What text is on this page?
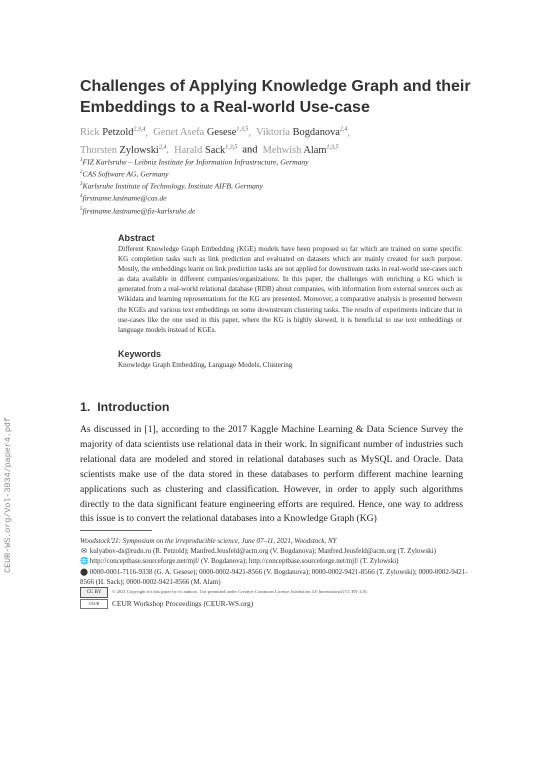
CEUR-WS.org/Vol-3034/paper4.pdf
Challenges of Applying Knowledge Graph and their Embeddings to a Real-world Use-case
Rick Petzold$^{2,3,4}$,  Genet Asefa Gesese$^{1,3,5}$,  Viktoria Bogdanova$^{2,4}$,
Thorsten Zylowski$^{2,4}$,  Harald Sack$^{1,3,5}$ and Mehwish Alam$^{1,3,5}$
$^1$FIZ Karlsruhe – Leibniz Institute for Information Infrastructure, Germany
$^2$CAS Software AG, Germany
$^3$Karlsruhe Institute of Technology, Institute AIFB, Germany
$^4$firstname.lastname@cas.de
$^5$firstname.lastname@fiz-karlsruhe.de
Abstract

Different Knowledge Graph Embedding (KGE) models have been proposed so far which are trained on some specific KG completion tasks such as link prediction and evaluated on datasets which are mainly created for such purpose. Mostly, the embeddings learnt on link prediction tasks are not applied for downstream tasks in real-world use-cases such as data available in different companies/organizations. In this paper, the challenges with enriching a KG which is generated from a real-world relational database (RDB) about companies, with information from external sources such as Wikidata and learning representations for the KG are presented. Moreover, a comparative analysis is presented between the KGEs and various text embeddings on some downstream clustering tasks. The results of experiments indicate that in use-cases like the one used in this paper, where the KG is highly skewed, it is beneficial to use text embeddings or language models instead of KGEs.

Keywords

Knowledge Graph Embedding, Language Models, Clustering

1. Introduction
As discussed in [1], according to the 2017 Kaggle Machine Learning & Data Science Survey the majority of data scientists use relational data in their work. In significant number of industries such relational data are modeled and stored in relational databases such as MySQL and Oracle. Data scientists make use of the data stored in these databases to perform different machine learning applications such as clustering and classification. However, in order to apply such algorithms directly to the data significant feature engineering efforts are required. Hence, one way to address this issue is to convert the relational databases into a Knowledge Graph (KG)
Woodstock'21: Symposium on the irreproducible science, June 07–11, 2021, Woodstock, NY
✉ kulyabov-ds@rudn.ru (R. Petzold); Manfred.Jeusfeld@acm.org (V. Bogdanova); Manfred.Jeusfeld@acm.org (T. Zylowski)
🌐 http://conceptbase.sourceforge.net/mjf/ (V. Bogdanova); http://conceptbase.sourceforge.net/mjf/ (T. Zylowski)
⬤ 0000-0001-7116-9338 (G. A. Gesese); 0000-0002-9421-8566 (V. Bogdanova); 0000-0002-9421-8566 (T. Zylowski); 0000-0002-9421-8566 (H. Sack); 0000-0002-9421-8566 (M. Alam)
CC BY	© 2021 Copyright for this paper by its authors. Use permitted under Creative Commons License Attribution 4.0 International (CC BY 4.0).
CEUR	CEUR Workshop Proceedings (CEUR-WS.org)
